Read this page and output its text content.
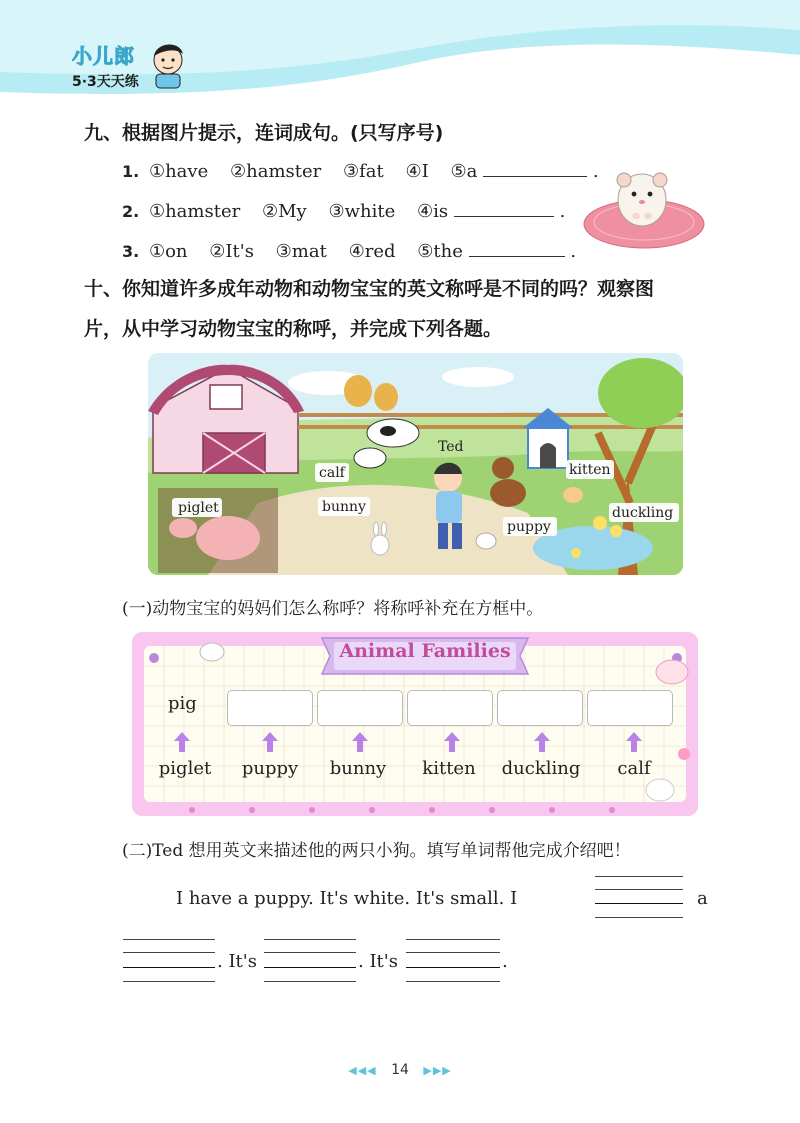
小儿郎
5·3天天练
九、根据图片提示，连词成句。(只写序号)
1. ①have ②hamster ③fat ④I ⑤a	.
2. ①hamster ②My ③white ④is	.
3. ①on ②It's ③mat ④red ⑤the	.
十、你知道许多成年动物和动物宝宝的英文称呼是不同的吗？观察图
片，从中学习动物宝宝的称呼，并完成下列各题。
piglet
calf
Ted
bunny
kitten
puppy
duckling
(一)动物宝宝的妈妈们怎么称呼？将称呼补充在方框中。
Animal Families
pig
piglet	puppy	bunny	kitten	duckling	calf
(二)Ted 想用英文来描述他的两只小狗。填写单词帮他完成介绍吧！
I have a puppy. It's white. It's small. I	a
. It's	. It's	.
◀◀◀ 14 ▶▶▶
